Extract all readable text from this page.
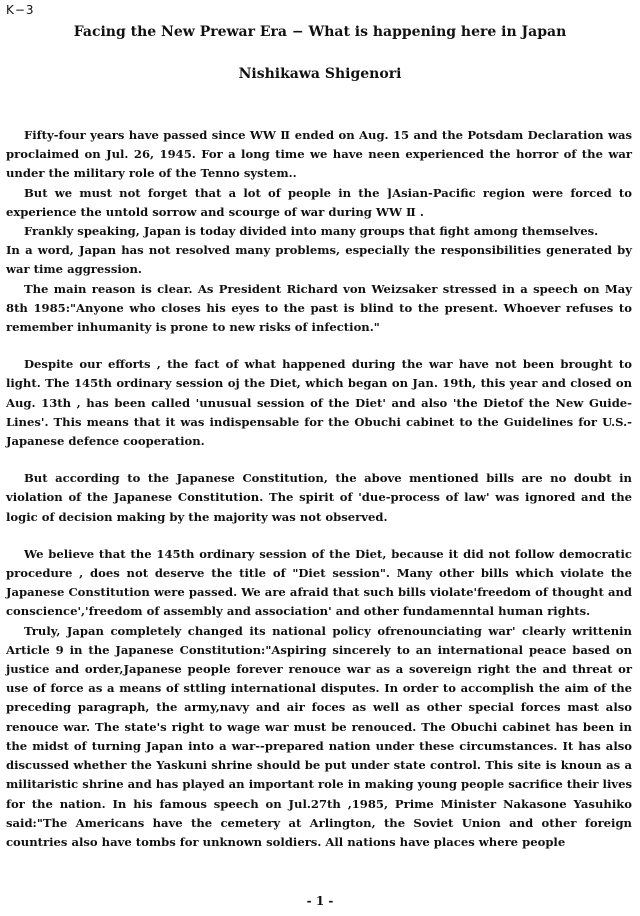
K−3
Facing the New Prewar Era − What is happening here in Japan
Nishikawa Shigenori

Fifty-four years have passed since WW Ⅱ ended on Aug. 15 and the Potsdam Declaration was proclaimed on Jul. 26, 1945. For a long time we have neen experienced the horror of the war under the military role of the Tenno system..

But we must not forget that a lot of people in the ]Asian-Pacific region were forced to experience the untold sorrow and scourge of war during WW Ⅱ .

Frankly speaking, Japan is today divided into many groups that fight among themselves.

In a word, Japan has not resolved many problems, especially the responsibilities generated by war time aggression.

The main reason is clear. As President Richard von Weizsaker stressed in a speech on May 8th 1985:"Anyone who closes his eyes to the past is blind to the present. Whoever refuses to remember inhumanity is prone to new risks of infection."

Despite our efforts , the fact of what happened during the war have not been brought to light. The 145th ordinary session oj the Diet, which began on Jan. 19th, this year and closed on Aug. 13th , has been called 'unusual session of the Diet' and also 'the Dietof the New Guide-Lines'. This means that it was indispensable for the Obuchi cabinet to the Guidelines for U.S.-Japanese defence cooperation.

But according to the Japanese Constitution, the above mentioned bills are no doubt in violation of the Japanese Constitution. The spirit of 'due-process of law' was ignored and the logic of decision making by the majority was not observed.

We believe that the 145th ordinary session of the Diet, because it did not follow democratic procedure , does not deserve the title of "Diet session". Many other bills which violate the Japanese Constitution were passed. We are afraid that such bills violate'freedom of thought and conscience','freedom of assembly and association' and other fundamenntal human rights.

Truly, Japan completely changed its national policy ofrenounciating war' clearly writtenin Article 9 in the Japanese Constitution:"Aspiring sincerely to an international peace based on justice and order,Japanese people forever renouce war as a sovereign right the and threat or use of force as a means of sttling international disputes. In order to accomplish the aim of the preceding paragraph, the army,navy and air foces as well as other special forces mast also renouce war. The state's right to wage war must be renouced. The Obuchi cabinet has been in the midst of turning Japan into a war--prepared nation under these circumstances. It has also discussed whether the Yaskuni shrine should be put under state control. This site is knoun as a militaristic shrine and has played an important role in making young people sacrifice their lives for the nation. In his famous speech on Jul.27th ,1985, Prime Minister Nakasone Yasuhiko said:"The Americans have the cemetery at Arlington, the Soviet Union and other foreign countries also have tombs for unknown soldiers. All nations have places where people

- 1 -
